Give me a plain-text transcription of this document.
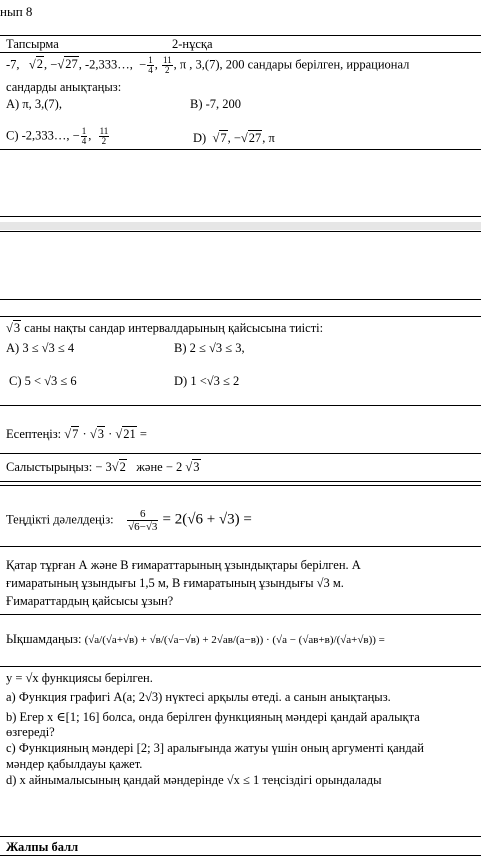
нып 8
Тапсырма	2-нұсқа
-7,   √2, −√27, -2,333…,  − $\frac{1}{4}$ , $\frac{11}{2}$ , π , 3,(7), 200 сандары берілген, иррационал
сандарды анықтаңыз:
А) π, 3,(7),	В) -7, 200
С) -2,333…, − $\frac{1}{4}$ , $\frac{11}{2}$	D)  √7, −√27, π
√3 саны нақты сандар интервалдарының қайсысына тиісті:
А) 3 ≤ √3 ≤ 4	В) 2 ≤ √3 ≤ 3,
С) 5 < √3 ≤ 6	D) 1 <√3 ≤ 2
Есептеңіз: √7 · √3 · √21 =
Салыстырыңыз: − 3√2   және − 2 √3
Теңдікті дәлелдеңіз: $\frac{6}{√6-√3} = 2(√6 + √3)$ =
Қатар тұрған А және В ғимараттарының ұзындықтары берілген. А
ғимаратының ұзындығы 1,5 м, В ғимаратының ұзындығы √3 м.
Ғимараттардың қайсысы ұзын?
Ықшамдаңыз: (√а/(√а+√в) + √в/(√а−√в) + 2√ав/(а−в)) · (√а − (√ав+в)/(√а+√в)) =
у = √x функциясы берілген.
а) Функция графигі А(а; 2√3) нүктесі арқылы өтеді. а санын анықтаңыз.
b) Егер x ∈[1; 16] болса, онда берілген функцияның мәндері қандай аралықта
өзгереді?
с) Функцияның мәндері [2; 3] аралығында жатуы үшін оның аргументі қандай
мәндер қабылдауы қажет.
d) x айнымалысының қандай мәндерінде √x ≤ 1 теңсіздігі орындалады
Жалпы балл
